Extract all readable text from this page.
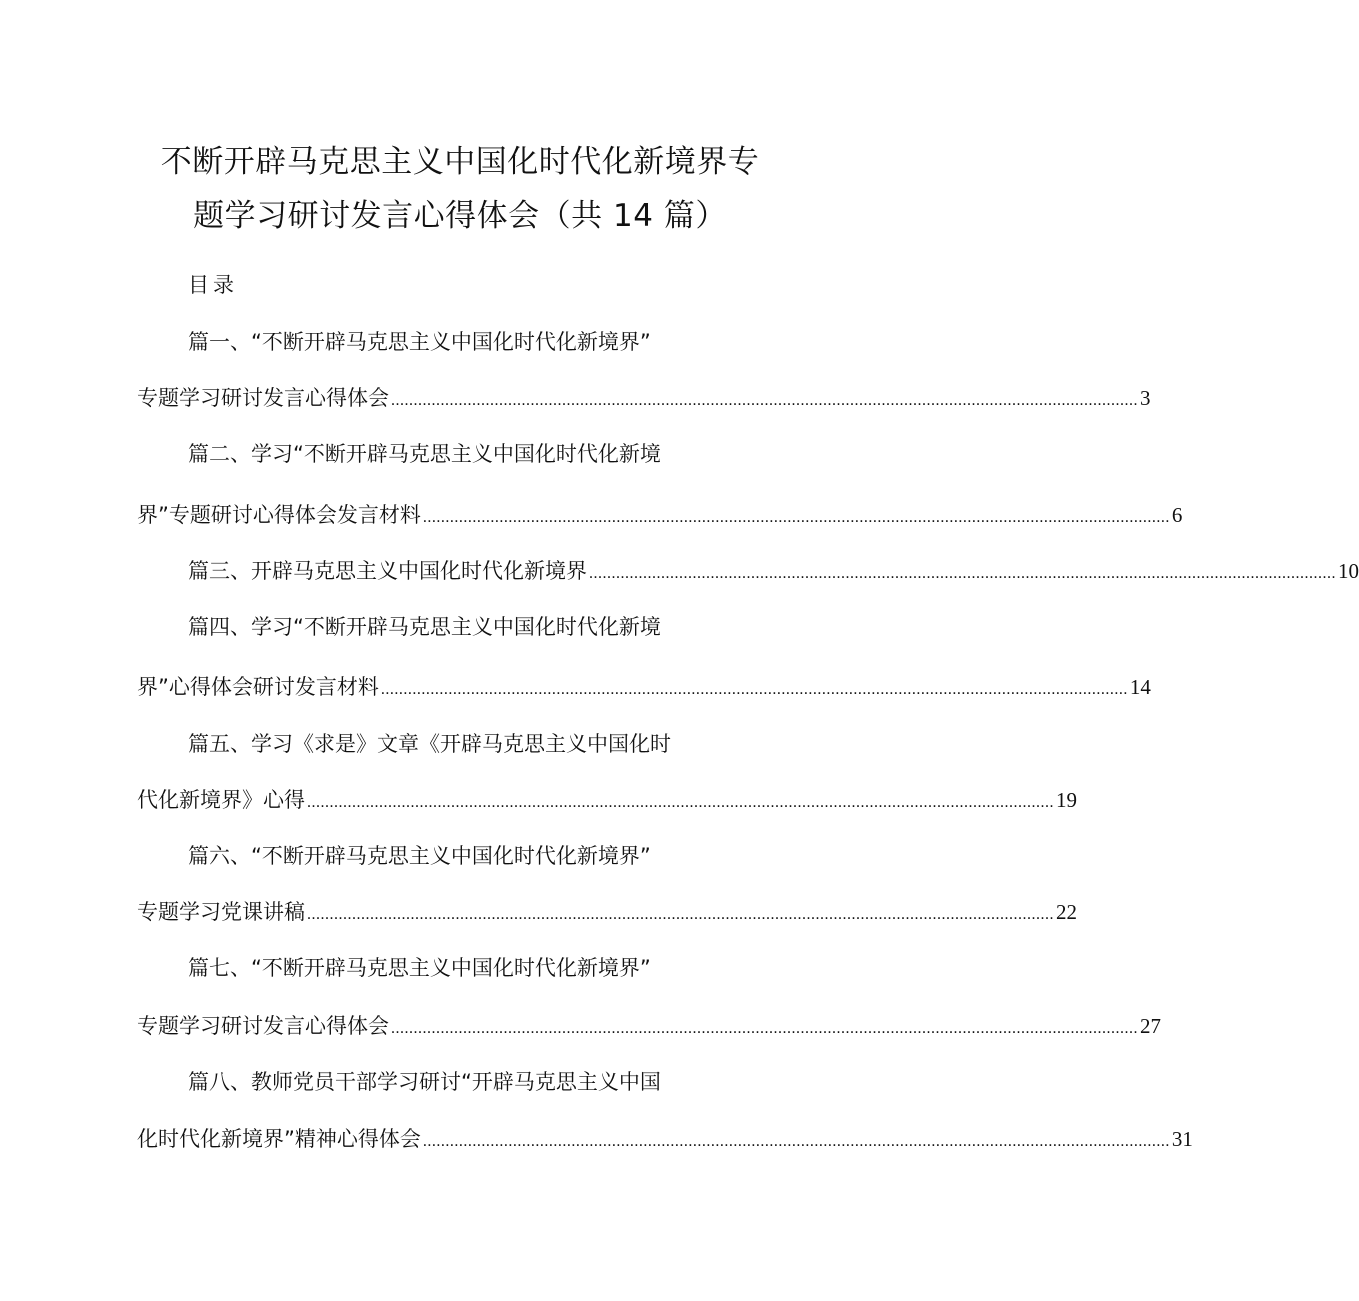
不断开辟马克思主义中国化时代化新境界专
题学习研讨发言心得体会（共 14 篇）
目录
篇一、“不断开辟马克思主义中国化时代化新境界”
专题学习研讨发言心得体会 ...................................................................................................................................................................... 3
篇二、学习“不断开辟马克思主义中国化时代化新境
界”专题研讨心得体会发言材料 ...................................................................................................................................................................... 6
篇三、开辟马克思主义中国化时代化新境界 ...................................................................................................................................................................... 10
篇四、学习“不断开辟马克思主义中国化时代化新境
界”心得体会研讨发言材料 ...................................................................................................................................................................... 14
篇五、学习《求是》文章《开辟马克思主义中国化时
代化新境界》心得 ...................................................................................................................................................................... 19
篇六、“不断开辟马克思主义中国化时代化新境界”
专题学习党课讲稿 ...................................................................................................................................................................... 22
篇七、“不断开辟马克思主义中国化时代化新境界”
专题学习研讨发言心得体会 ...................................................................................................................................................................... 27
篇八、教师党员干部学习研讨“开辟马克思主义中国
化时代化新境界”精神心得体会 ...................................................................................................................................................................... 31
